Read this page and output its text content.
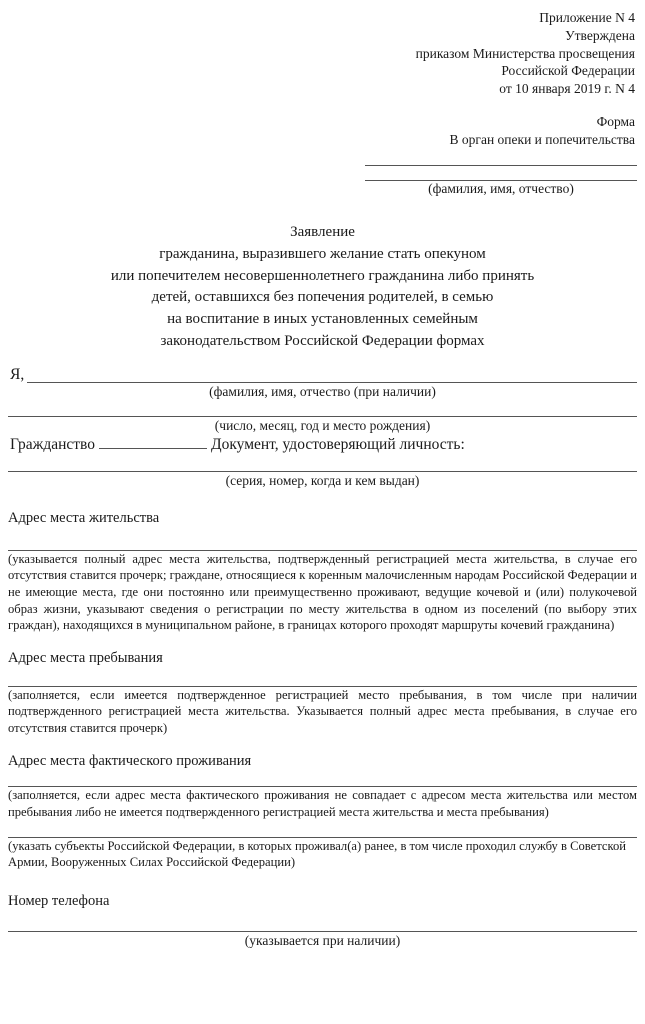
Приложение N 4
Утверждена
приказом Министерства просвещения
Российской Федерации
от 10 января 2019 г. N 4
Форма
В орган опеки и попечительства
(фамилия, имя, отчество)
Заявление
гражданина, выразившего желание стать опекуном
или попечителем несовершеннолетнего гражданина либо принять
детей, оставшихся без попечения родителей, в семью
на воспитание в иных установленных семейным
законодательством Российской Федерации формах
Я,
(фамилия, имя, отчество (при наличии)
(число, месяц, год и место рождения)
Гражданство	Документ, удостоверяющий личность:
(серия, номер, когда и кем выдан)
Адрес места жительства
(указывается полный адрес места жительства, подтвержденный регистрацией места жительства, в случае его отсутствия ставится прочерк; граждане, относящиеся к коренным малочисленным народам Российской Федерации и не имеющие места, где они постоянно или преимущественно проживают, ведущие кочевой и (или) полукочевой образ жизни, указывают сведения о регистрации по месту жительства в одном из поселений (по выбору этих граждан), находящихся в муниципальном районе, в границах которого проходят маршруты кочевий гражданина)
Адрес места пребывания
(заполняется, если имеется подтвержденное регистрацией место пребывания, в том числе при наличии подтвержденного регистрацией места жительства. Указывается полный адрес места пребывания, в случае его отсутствия ставится прочерк)
Адрес места фактического проживания
(заполняется, если адрес места фактического проживания не совпадает с адресом места жительства или местом пребывания либо не имеется подтвержденного регистрацией места жительства и места пребывания)
(указать субъекты Российской Федерации, в которых проживал(а) ранее, в том числе проходил службу в Советской Армии, Вооруженных Силах Российской Федерации)
Номер телефона
(указывается при наличии)
